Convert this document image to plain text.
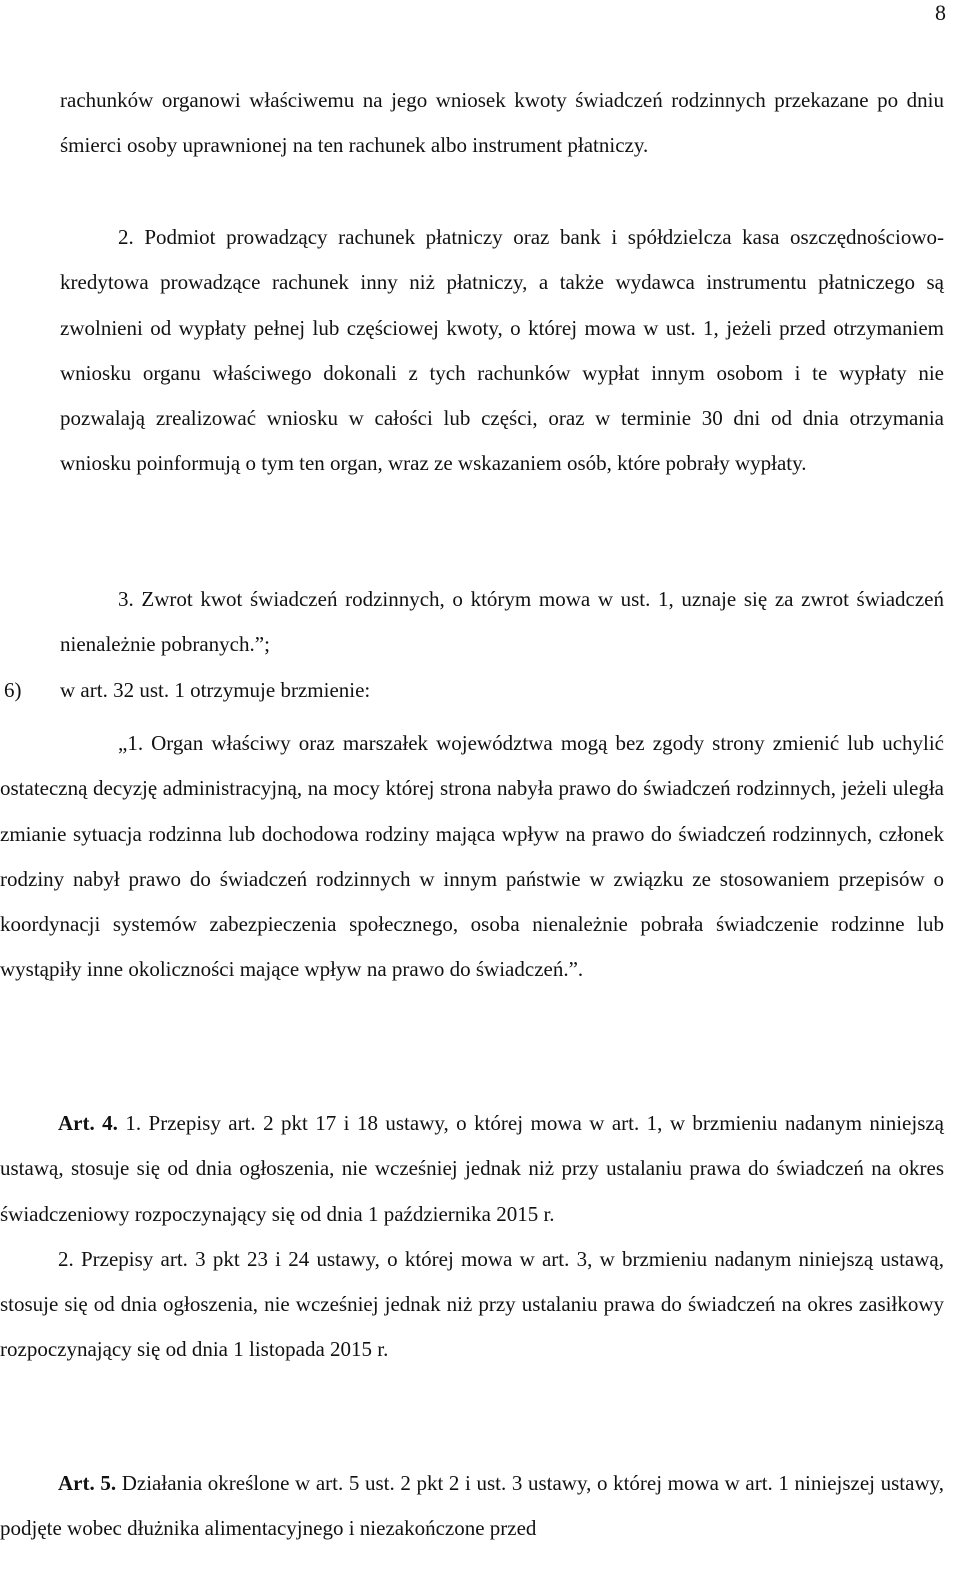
8

rachunków organowi właściwemu na jego wniosek kwoty świadczeń rodzinnych przekazane po dniu śmierci osoby uprawnionej na ten rachunek albo instrument płatniczy.

2. Podmiot prowadzący rachunek płatniczy oraz bank i spółdzielcza kasa oszczędnościowo-kredytowa prowadzące rachunek inny niż płatniczy, a także wydawca instrumentu płatniczego są zwolnieni od wypłaty pełnej lub częściowej kwoty, o której mowa w ust. 1, jeżeli przed otrzymaniem wniosku organu właściwego dokonali z tych rachunków wypłat innym osobom i te wypłaty nie pozwalają zrealizować wniosku w całości lub części, oraz w terminie 30 dni od dnia otrzymania wniosku poinformują o tym ten organ, wraz ze wskazaniem osób, które pobrały wypłaty.

3. Zwrot kwot świadczeń rodzinnych, o którym mowa w ust. 1, uznaje się za zwrot świadczeń nienależnie pobranych.”;

6) w art. 32 ust. 1 otrzymuje brzmienie:

„1. Organ właściwy oraz marszałek województwa mogą bez zgody strony zmienić lub uchylić ostateczną decyzję administracyjną, na mocy której strona nabyła prawo do świadczeń rodzinnych, jeżeli uległa zmianie sytuacja rodzinna lub dochodowa rodziny mająca wpływ na prawo do świadczeń rodzinnych, członek rodziny nabył prawo do świadczeń rodzinnych w innym państwie w związku ze stosowaniem przepisów o koordynacji systemów zabezpieczenia społecznego, osoba nienależnie pobrała świadczenie rodzinne lub wystąpiły inne okoliczności mające wpływ na prawo do świadczeń.”.

Art. 4. 1. Przepisy art. 2 pkt 17 i 18 ustawy, o której mowa w art. 1, w brzmieniu nadanym niniejszą ustawą, stosuje się od dnia ogłoszenia, nie wcześniej jednak niż przy ustalaniu prawa do świadczeń na okres świadczeniowy rozpoczynający się od dnia 1 października 2015 r.

2. Przepisy art. 3 pkt 23 i 24 ustawy, o której mowa w art. 3, w brzmieniu nadanym niniejszą ustawą, stosuje się od dnia ogłoszenia, nie wcześniej jednak niż przy ustalaniu prawa do świadczeń na okres zasiłkowy rozpoczynający się od dnia 1 listopada 2015 r.

Art. 5. Działania określone w art. 5 ust. 2 pkt 2 i ust. 3 ustawy, o której mowa w art. 1 niniejszej ustawy, podjęte wobec dłużnika alimentacyjnego i niezakończone przed
